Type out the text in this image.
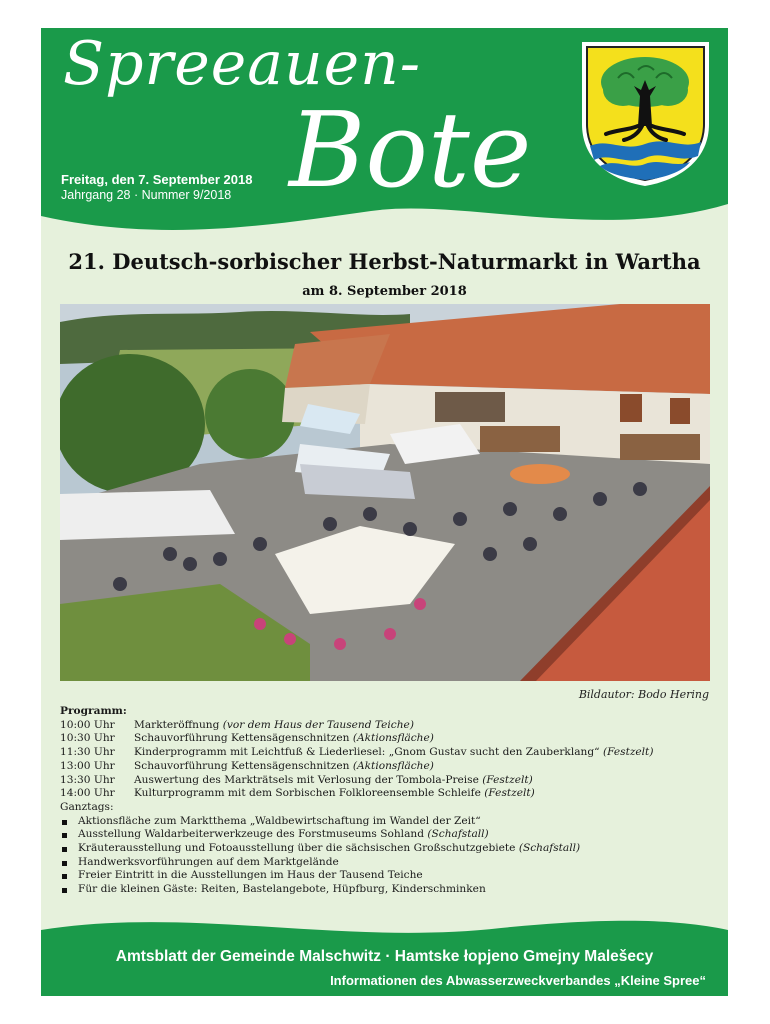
Spreeauen-
Bote
Freitag, den 7. September 2018
Jahrgang 28 · Nummer 9/2018
21. Deutsch-sorbischer Herbst-Naturmarkt in Wartha
am 8. September 2018
Bildautor: Bodo Hering
Programm:
10:00 Uhr	Markteröffnung (vor dem Haus der Tausend Teiche)
10:30 Uhr	Schauvorführung Kettensägenschnitzen (Aktionsfläche)
11:30 Uhr	Kinderprogramm mit Leichtfuß & Liederliesel: „Gnom Gustav sucht den Zauberklang“ (Festzelt)
13:00 Uhr	Schauvorführung Kettensägenschnitzen (Aktionsfläche)
13:30 Uhr	Auswertung des Markträtsels mit Verlosung der Tombola-Preise (Festzelt)
14:00 Uhr	Kulturprogramm mit dem Sorbischen Folkloreensemble Schleife (Festzelt)
Ganztags:
Aktionsfläche zum Marktthema „Waldbewirtschaftung im Wandel der Zeit“
Ausstellung Waldarbeiterwerkzeuge des Forstmuseums Sohland (Schafstall)
Kräuterausstellung und Fotoausstellung über die sächsischen Großschutzgebiete (Schafstall)
Handwerksvorführungen auf dem Marktgelände
Freier Eintritt in die Ausstellungen im Haus der Tausend Teiche
Für die kleinen Gäste: Reiten, Bastelangebote, Hüpfburg, Kinderschminken
Amtsblatt der Gemeinde Malschwitz · Hamtske łopjeno Gmejny Malešecy
Informationen des Abwasserzweckverbandes „Kleine Spree“
